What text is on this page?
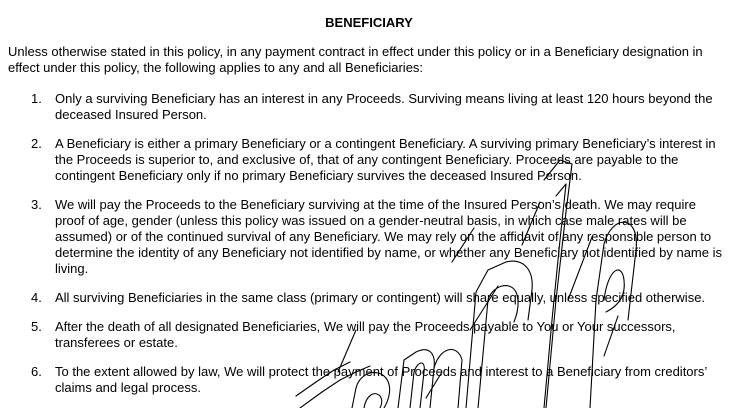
BENEFICIARY

Unless otherwise stated in this policy, in any payment contract in effect under this policy or in a Beneficiary designation in effect under this policy, the following applies to any and all Beneficiaries:

1. Only a surviving Beneficiary has an interest in any Proceeds. Surviving means living at least 120 hours beyond the deceased Insured Person.
2. A Beneficiary is either a primary Beneficiary or a contingent Beneficiary. A surviving primary Beneficiary’s interest in the Proceeds is superior to, and exclusive of, that of any contingent Beneficiary. Proceeds are payable to the contingent Beneficiary only if no primary Beneficiary survives the deceased Insured Person.
3. We will pay the Proceeds to the Beneficiary surviving at the time of the Insured Person’s death. We may require proof of age, gender (unless this policy was issued on a gender-neutral basis, in which case male rates will be assumed) or of the continued survival of any Beneficiary. We may rely on the affidavit of any responsible person to determine the identity of any Beneficiary not identified by name, or whether any Beneficiary not identified by name is living.
4. All surviving Beneficiaries in the same class (primary or contingent) will share equally, unless specified otherwise.
5. After the death of all designated Beneficiaries, We will pay the Proceeds payable to You or Your successors, transferees or estate.
6. To the extent allowed by law, We will protect the payment of Proceeds and interest to a Beneficiary from creditors’ claims and legal process.
